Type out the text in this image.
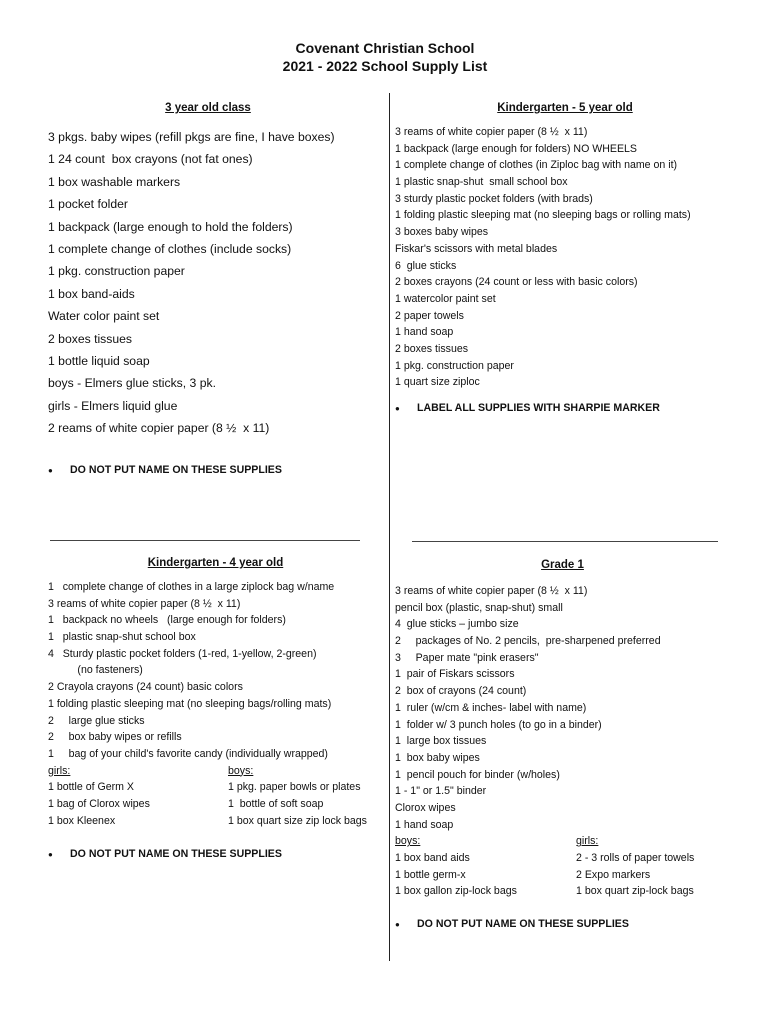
Covenant Christian School
2021 - 2022 School Supply List
3 year old class
3 pkgs. baby wipes (refill pkgs are fine, I have boxes)
1 24 count  box crayons (not fat ones)
1 box washable markers
1 pocket folder
1 backpack (large enough to hold the folders)
1 complete change of clothes (include socks)
1 pkg. construction paper
1 box band-aids
Water color paint set
2 boxes tissues
1 bottle liquid soap
boys - Elmers glue sticks, 3 pk.
girls - Elmers liquid glue
2 reams of white copier paper (8 ½  x 11)
● DO NOT PUT NAME ON THESE SUPPLIES
Kindergarten - 5 year old
3 reams of white copier paper (8 ½  x 11)
1 backpack (large enough for folders) NO WHEELS
1 complete change of clothes (in Ziploc bag with name on it)
1 plastic snap-shut  small school box
3 sturdy plastic pocket folders (with brads)
1 folding plastic sleeping mat (no sleeping bags or rolling mats)
3 boxes baby wipes
Fiskar's scissors with metal blades
6  glue sticks
2 boxes crayons (24 count or less with basic colors)
1 watercolor paint set
2 paper towels
1 hand soap
2 boxes tissues
1 pkg. construction paper
1 quart size ziploc
● LABEL ALL SUPPLIES WITH SHARPIE MARKER
Kindergarten - 4 year old
1   complete change of clothes in a large ziplock bag w/name
3 reams of white copier paper (8 ½  x 11)
1   backpack no wheels   (large enough for folders)
1   plastic snap-shut school box
4   Sturdy plastic pocket folders (1-red, 1-yellow, 2-green)
(no fasteners)
2 Crayola crayons (24 count) basic colors
1 folding plastic sleeping mat (no sleeping bags/rolling mats)
2     large glue sticks
2     box baby wipes or refills
1     bag of your child's favorite candy (individually wrapped)
girls:	boys:
1 bottle of Germ X	1 pkg. paper bowls or plates
1 bag of Clorox wipes	1  bottle of soft soap
1 box Kleenex	1 box quart size zip lock bags
● DO NOT PUT NAME ON THESE SUPPLIES
Grade 1
3 reams of white copier paper (8 ½  x 11)
pencil box (plastic, snap-shut) small
4  glue sticks – jumbo size
2     packages of No. 2 pencils,  pre-sharpened preferred
3     Paper mate "pink erasers"
1  pair of Fiskars scissors
2  box of crayons (24 count)
1  ruler (w/cm & inches- label with name)
1  folder w/ 3 punch holes (to go in a binder)
1  large box tissues
1  box baby wipes
1  pencil pouch for binder (w/holes)
1 - 1" or 1.5" binder
Clorox wipes
1 hand soap
boys:	girls:
1 box band aids	2 - 3 rolls of paper towels
1 bottle germ-x	2 Expo markers
1 box gallon zip-lock bags	1 box quart zip-lock bags
● DO NOT PUT NAME ON THESE SUPPLIES
